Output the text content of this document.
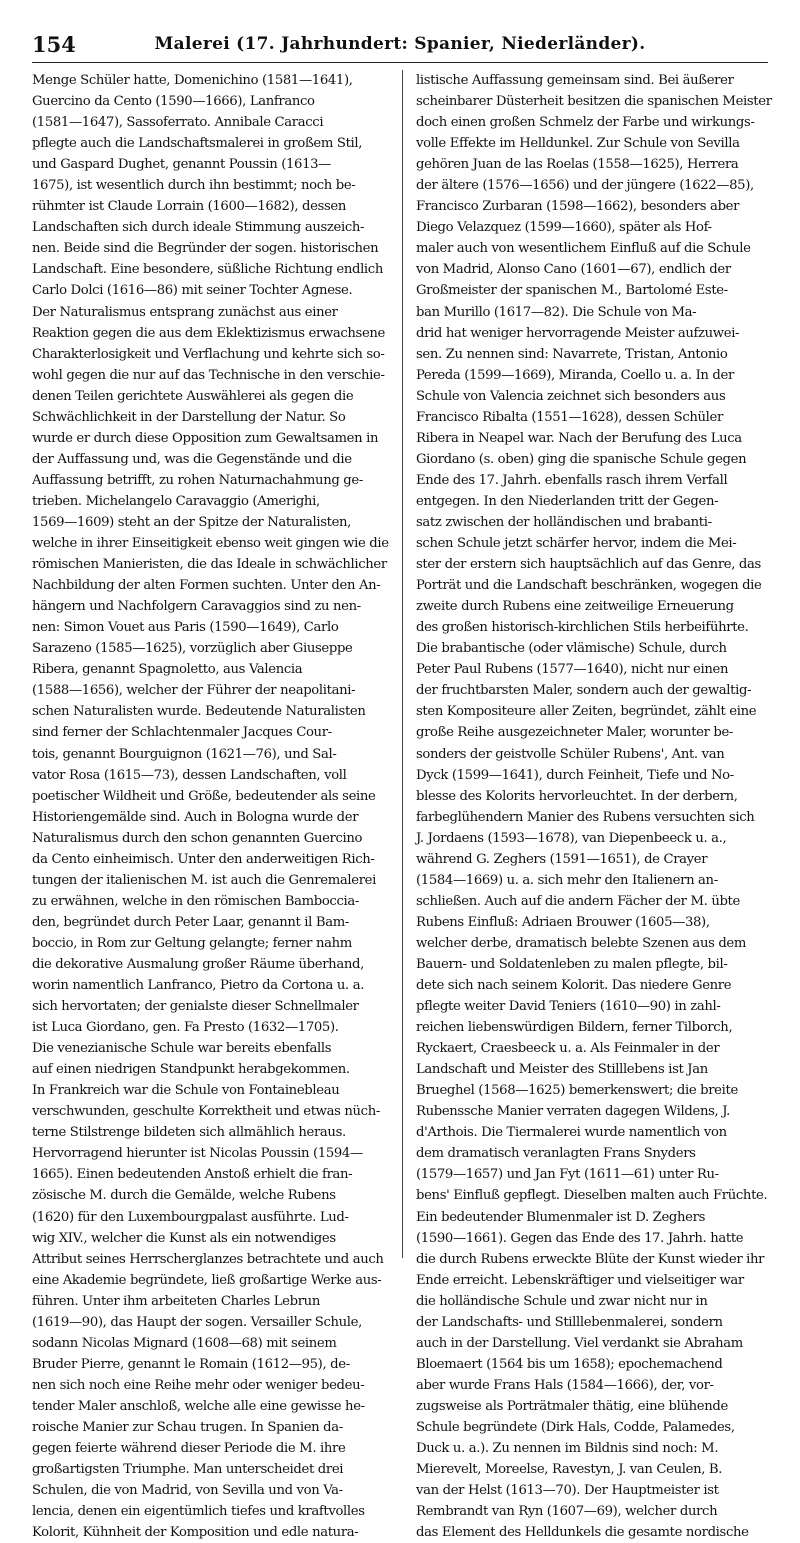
154	Malerei (17. Jahrhundert: Spanier, Niederländer).

Menge Schüler hatte, Domenichino (1581—1641),

Guercino da Cento (1590—1666), Lanfranco

(1581—1647), Sassoferrato. Annibale Caracci

pflegte auch die Landschaftsmalerei in großem Stil,

und Gaspard Dughet, genannt Poussin (1613—

1675), ist wesentlich durch ihn bestimmt; noch be-

rühmter ist Claude Lorrain (1600—1682), dessen

Landschaften sich durch ideale Stimmung auszeich-

nen. Beide sind die Begründer der sogen. historischen

Landschaft. Eine besondere, süßliche Richtung endlich

Carlo Dolci (1616—86) mit seiner Tochter Agnese.

Der Naturalismus entsprang zunächst aus einer

Reaktion gegen die aus dem Eklektizismus erwachsene

Charakterlosigkeit und Verflachung und kehrte sich so-

wohl gegen die nur auf das Technische in den verschie-

denen Teilen gerichtete Auswählerei als gegen die

Schwächlichkeit in der Darstellung der Natur. So

wurde er durch diese Opposition zum Gewaltsamen in

der Auffassung und, was die Gegenstände und die

Auffassung betrifft, zu rohen Naturnachahmung ge-

trieben. Michelangelo Caravaggio (Amerighi,

1569—1609) steht an der Spitze der Naturalisten,

welche in ihrer Einseitigkeit ebenso weit gingen wie die

römischen Manieristen, die das Ideale in schwächlicher

Nachbildung der alten Formen suchten. Unter den An-

hängern und Nachfolgern Caravaggios sind zu nen-

nen: Simon Vouet aus Paris (1590—1649), Carlo

Sarazeno (1585—1625), vorzüglich aber Giuseppe

Ribera, genannt Spagnoletto, aus Valencia

(1588—1656), welcher der Führer der neapolitani-

schen Naturalisten wurde. Bedeutende Naturalisten

sind ferner der Schlachtenmaler Jacques Cour-

tois, genannt Bourguignon (1621—76), und Sal-

vator Rosa (1615—73), dessen Landschaften, voll

poetischer Wildheit und Größe, bedeutender als seine

Historiengemälde sind. Auch in Bologna wurde der

Naturalismus durch den schon genannten Guercino

da Cento einheimisch. Unter den anderweitigen Rich-

tungen der italienischen M. ist auch die Genremalerei

zu erwähnen, welche in den römischen Bamboccia-

den, begründet durch Peter Laar, genannt il Bam-

boccio, in Rom zur Geltung gelangte; ferner nahm

die dekorative Ausmalung großer Räume überhand,

worin namentlich Lanfranco, Pietro da Cortona u. a.

sich hervortaten; der genialste dieser Schnellmaler

ist Luca Giordano, gen. Fa Presto (1632—1705).

Die venezianische Schule war bereits ebenfalls

auf einen niedrigen Standpunkt herabgekommen.

In Frankreich war die Schule von Fontainebleau

verschwunden, geschulte Korrektheit und etwas nüch-

terne Stilstrenge bildeten sich allmählich heraus.

Hervorragend hierunter ist Nicolas Poussin (1594—

1665). Einen bedeutenden Anstoß erhielt die fran-

zösische M. durch die Gemälde, welche Rubens

(1620) für den Luxembourgpalast ausführte. Lud-

wig XIV., welcher die Kunst als ein notwendiges

Attribut seines Herrscherglanzes betrachtete und auch

eine Akademie begründete, ließ großartige Werke aus-

führen. Unter ihm arbeiteten Charles Lebrun

(1619—90), das Haupt der sogen. Versailler Schule,

sodann Nicolas Mignard (1608—68) mit seinem

Bruder Pierre, genannt le Romain (1612—95), de-

nen sich noch eine Reihe mehr oder weniger bedeu-

tender Maler anschloß, welche alle eine gewisse he-

roische Manier zur Schau trugen. In Spanien da-

gegen feierte während dieser Periode die M. ihre

großartigsten Triumphe. Man unterscheidet drei

Schulen, die von Madrid, von Sevilla und von Va-

lencia, denen ein eigentümlich tiefes und kraftvolles

Kolorit, Kühnheit der Komposition und edle natura-

listische Auffassung gemeinsam sind. Bei äußerer

scheinbarer Düsterheit besitzen die spanischen Meister

doch einen großen Schmelz der Farbe und wirkungs-

volle Effekte im Helldunkel. Zur Schule von Sevilla

gehören Juan de las Roelas (1558—1625), Herrera

der ältere (1576—1656) und der jüngere (1622—85),

Francisco Zurbaran (1598—1662), besonders aber

Diego Velazquez (1599—1660), später als Hof-

maler auch von wesentlichem Einfluß auf die Schule

von Madrid, Alonso Cano (1601—67), endlich der

Großmeister der spanischen M., Bartolomé Este-

ban Murillo (1617—82). Die Schule von Ma-

drid hat weniger hervorragende Meister aufzuwei-

sen. Zu nennen sind: Navarrete, Tristan, Antonio

Pereda (1599—1669), Miranda, Coello u. a. In der

Schule von Valencia zeichnet sich besonders aus

Francisco Ribalta (1551—1628), dessen Schüler

Ribera in Neapel war. Nach der Berufung des Luca

Giordano (s. oben) ging die spanische Schule gegen

Ende des 17. Jahrh. ebenfalls rasch ihrem Verfall

entgegen. In den Niederlanden tritt der Gegen-

satz zwischen der holländischen und brabanti-

schen Schule jetzt schärfer hervor, indem die Mei-

ster der erstern sich hauptsächlich auf das Genre, das

Porträt und die Landschaft beschränken, wogegen die

zweite durch Rubens eine zeitweilige Erneuerung

des großen historisch-kirchlichen Stils herbeiführte.

Die brabantische (oder vlämische) Schule, durch

Peter Paul Rubens (1577—1640), nicht nur einen

der fruchtbarsten Maler, sondern auch der gewaltig-

sten Kompositeure aller Zeiten, begründet, zählt eine

große Reihe ausgezeichneter Maler, worunter be-

sonders der geistvolle Schüler Rubens', Ant. van

Dyck (1599—1641), durch Feinheit, Tiefe und No-

blesse des Kolorits hervorleuchtet. In der derbern,

farbeglühendern Manier des Rubens versuchten sich

J. Jordaens (1593—1678), van Diepenbeeck u. a.,

während G. Zeghers (1591—1651), de Crayer

(1584—1669) u. a. sich mehr den Italienern an-

schließen. Auch auf die andern Fächer der M. übte

Rubens Einfluß: Adriaen Brouwer (1605—38),

welcher derbe, dramatisch belebte Szenen aus dem

Bauern- und Soldatenleben zu malen pflegte, bil-

dete sich nach seinem Kolorit. Das niedere Genre

pflegte weiter David Teniers (1610—90) in zahl-

reichen liebenswürdigen Bildern, ferner Tilborch,

Ryckaert, Craesbeeck u. a. Als Feinmaler in der

Landschaft und Meister des Stilllebens ist Jan

Brueghel (1568—1625) bemerkenswert; die breite

Rubenssche Manier verraten dagegen Wildens, J.

d'Arthois. Die Tiermalerei wurde namentlich von

dem dramatisch veranlagten Frans Snyders

(1579—1657) und Jan Fyt (1611—61) unter Ru-

bens' Einfluß gepflegt. Dieselben malten auch Früchte.

Ein bedeutender Blumenmaler ist D. Zeghers

(1590—1661). Gegen das Ende des 17. Jahrh. hatte

die durch Rubens erweckte Blüte der Kunst wieder ihr

Ende erreicht. Lebenskräftiger und vielseitiger war

die holländische Schule und zwar nicht nur in

der Landschafts- und Stilllebenmalerei, sondern

auch in der Darstellung. Viel verdankt sie Abraham

Bloemaert (1564 bis um 1658); epochemachend

aber wurde Frans Hals (1584—1666), der, vor-

zugsweise als Porträtmaler thätig, eine blühende

Schule begründete (Dirk Hals, Codde, Palamedes,

Duck u. a.). Zu nennen im Bildnis sind noch: M.

Mierevelt, Moreelse, Ravestyn, J. van Ceulen, B.

van der Helst (1613—70). Der Hauptmeister ist

Rembrandt van Ryn (1607—69), welcher durch

das Element des Helldunkels die gesamte nordische
